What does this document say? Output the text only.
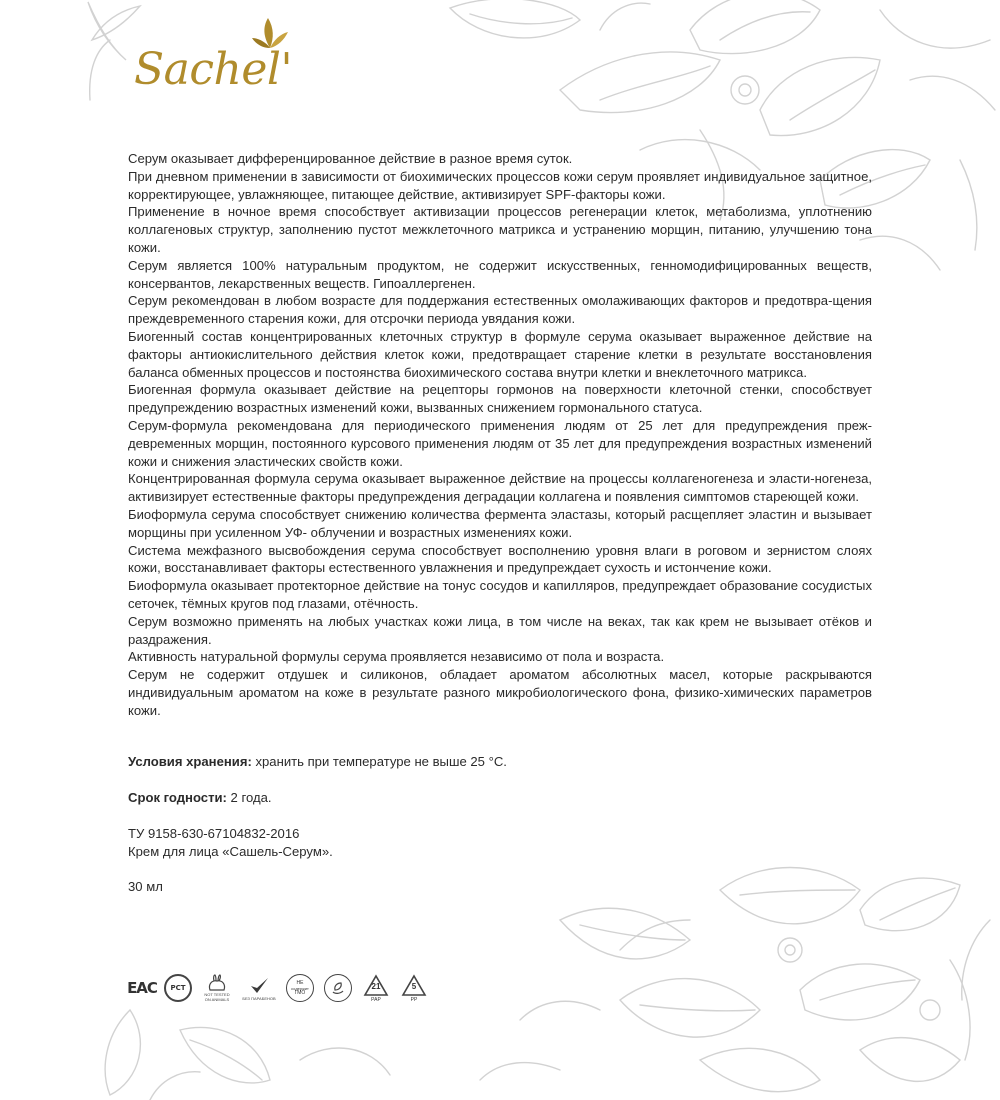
Sachel'

Серум оказывает дифференцированное действие в разное время суток.

При дневном применении в зависимости от биохимических процессов кожи серум проявляет индивидуальное защитное, корректирующее, увлажняющее, питающее действие, активизирует SPF-факторы кожи.

Применение в ночное время способствует активизации процессов регенерации клеток, метаболизма, уплотнению коллагеновых структур, заполнению пустот межклеточного матрикса и устранению морщин, питанию, улучшению тона кожи.

Серум является 100% натуральным продуктом, не содержит искусственных, генномодифицированных веществ, консервантов, лекарственных веществ. Гипоаллергенен.

Серум рекомендован в любом возрасте для поддержания естественных омолаживающих факторов и предотвра-щения преждевременного старения кожи, для отсрочки периода увядания кожи.

Биогенный состав концентрированных клеточных структур в формуле серума оказывает выраженное действие на факторы антиокислительного действия клеток кожи, предотвращает старение клетки в результате восстановления баланса обменных процессов и постоянства биохимического состава внутри клетки и внеклеточного матрикса.

Биогенная формула оказывает действие на рецепторы гормонов на поверхности клеточной стенки, способствует предупреждению возрастных изменений кожи, вызванных снижением гормонального статуса.

Серум-формула рекомендована для периодического применения людям от 25 лет для предупреждения преж-девременных морщин, постоянного курсового применения людям от 35 лет для предупреждения возрастных изменений кожи и снижения эластических свойств кожи.

Концентрированная формула серума оказывает выраженное действие на процессы коллагеногенеза и эласти-ногенеза, активизирует естественные факторы предупреждения деградации коллагена и появления симптомов стареющей кожи.

Биоформула серума способствует снижению количества фермента эластазы, который расщепляет эластин и вызывает морщины при усиленном УФ- облучении и возрастных изменениях кожи.

Система межфазного высвобождения серума способствует восполнению уровня влаги в роговом и зернистом слоях кожи, восстанавливает факторы естественного увлажнения и предупреждает сухость и истончение кожи.

Биоформула оказывает протекторное действие на тонус сосудов и капилляров, предупреждает образование сосудистых сеточек, тёмных кругов под глазами, отёчность.

Серум возможно применять на любых участках кожи лица, в том числе на веках, так как крем не вызывает отёков и раздражения.

Активность натуральной формулы серума проявляется независимо от пола и возраста.

Серум не содержит отдушек и силиконов, обладает ароматом абсолютных масел, которые раскрываются индивидуальным ароматом на коже в результате разного микробиологического фона, физико-химических параметров кожи.

Условия хранения: хранить при температуре не выше 25 °С.

Срок годности: 2 года.

ТУ 9158-630-67104832-2016

Крем для лица «Сашель-Серум».

30 мл

ЕАС РСТ
NOT TESTED
ON ANIMALS	БЕЗ ПАРАБЕНОВ
НЕ
содержит
ГМО
21
PAP
5
PP
